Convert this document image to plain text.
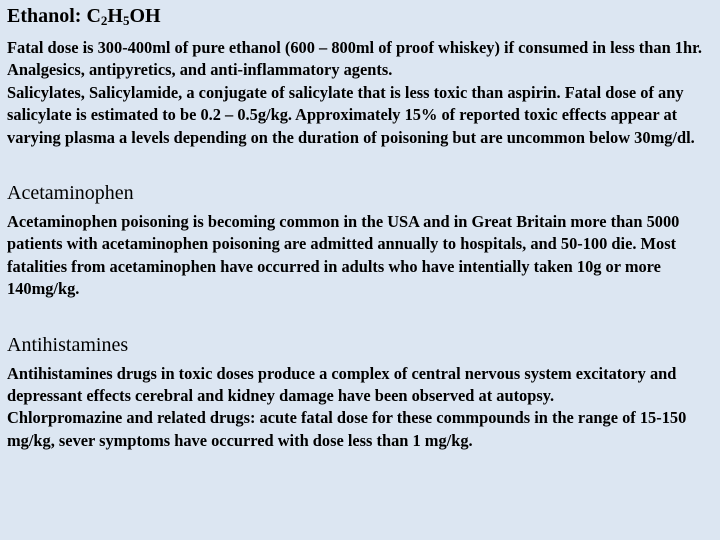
Ethanol: $C_2H_5OH$

Fatal dose is 300-400ml of pure ethanol (600 – 800ml of proof whiskey) if consumed in less than 1hr.

Analgesics, antipyretics, and anti-inflammatory agents.

Salicylates, Salicylamide, a conjugate of salicylate that is less toxic than aspirin. Fatal dose of any salicylate is estimated to be 0.2 – 0.5g/kg. Approximately 15% of reported toxic effects appear at varying plasma a levels depending on the duration of poisoning but are uncommon below 30mg/dl.

Acetaminophen

Acetaminophen poisoning is becoming common in the USA and in Great Britain more than 5000 patients with acetaminophen poisoning are admitted annually to hospitals, and 50-100 die. Most fatalities from acetaminophen have occurred in adults who have intentially taken 10g or more 140mg/kg.

Antihistamines

Antihistamines drugs in toxic doses produce a complex of central nervous system excitatory and depressant effects cerebral and kidney damage have been observed at autopsy.

Chlorpromazine and related drugs: acute fatal dose for these commpounds in the range of 15-150 mg/kg, sever symptoms have occurred with dose less than 1 mg/kg.
